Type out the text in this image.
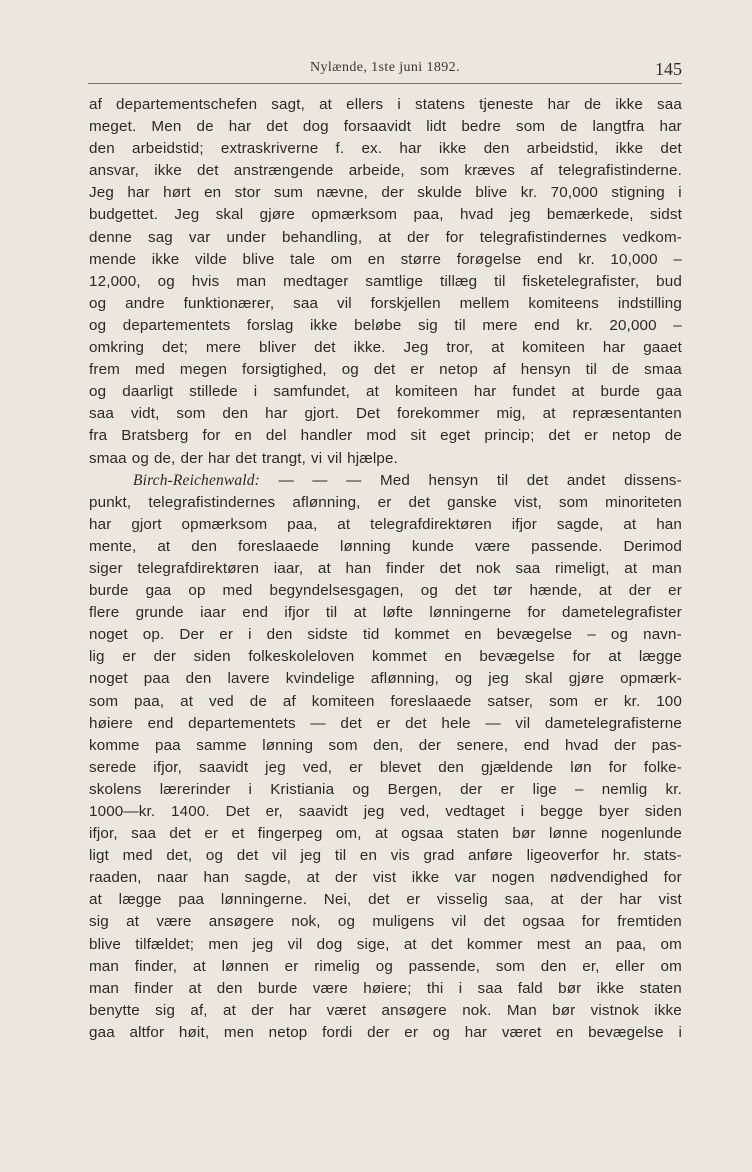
Nylænde, 1ste juni 1892.	145
af departementschefen sagt, at ellers i statens tjeneste har de ikke saa
meget. Men de har det dog forsaavidt lidt bedre som de langtfra har
den arbeidstid; extraskriverne f. ex. har ikke den arbeidstid, ikke det
ansvar, ikke det anstrængende arbeide, som kræves af telegrafistinderne.
Jeg har hørt en stor sum nævne, der skulde blive kr. 70,000 stigning i
budgettet. Jeg skal gjøre opmærksom paa, hvad jeg bemærkede, sidst
denne sag var under behandling, at der for telegrafistindernes vedkom-
mende ikke vilde blive tale om en større forøgelse end kr. 10,000 –
12,000, og hvis man medtager samtlige tillæg til fisketelegrafister, bud
og andre funktionærer, saa vil forskjellen mellem komiteens indstilling
og departementets forslag ikke beløbe sig til mere end kr. 20,000 –
omkring det; mere bliver det ikke. Jeg tror, at komiteen har gaaet
frem med megen forsigtighed, og det er netop af hensyn til de smaa
og daarligt stillede i samfundet, at komiteen har fundet at burde gaa
saa vidt, som den har gjort. Det forekommer mig, at repræsentanten
fra Bratsberg for en del handler mod sit eget princip; det er netop de
smaa og de, der har det trangt, vi vil hjælpe.
Birch-Reichenwald: — — — Med hensyn til det andet dissens-
punkt, telegrafistindernes aflønning, er det ganske vist, som minoriteten
har gjort opmærksom paa, at telegrafdirektøren ifjor sagde, at han
mente, at den foreslaaede lønning kunde være passende. Derimod
siger telegrafdirektøren iaar, at han finder det nok saa rimeligt, at man
burde gaa op med begyndelsesgagen, og det tør hænde, at der er
flere grunde iaar end ifjor til at løfte lønningerne for dametelegrafister
noget op. Der er i den sidste tid kommet en bevægelse – og navn-
lig er der siden folkeskoleloven kommet en bevægelse for at lægge
noget paa den lavere kvindelige aflønning, og jeg skal gjøre opmærk-
som paa, at ved de af komiteen foreslaaede satser, som er kr. 100
høiere end departementets — det er det hele — vil dametelegrafisterne
komme paa samme lønning som den, der senere, end hvad der pas-
serede ifjor, saavidt jeg ved, er blevet den gjældende løn for folke-
skolens lærerinder i Kristiania og Bergen, der er lige – nemlig kr.
1000—kr. 1400. Det er, saavidt jeg ved, vedtaget i begge byer siden
ifjor, saa det er et fingerpeg om, at ogsaa staten bør lønne nogenlunde
ligt med det, og det vil jeg til en vis grad anføre ligeoverfor hr. stats-
raaden, naar han sagde, at der vist ikke var nogen nødvendighed for
at lægge paa lønningerne. Nei, det er visselig saa, at der har vist
sig at være ansøgere nok, og muligens vil det ogsaa for fremtiden
blive tilfældet; men jeg vil dog sige, at det kommer mest an paa, om
man finder, at lønnen er rimelig og passende, som den er, eller om
man finder at den burde være høiere; thi i saa fald bør ikke staten
benytte sig af, at der har været ansøgere nok. Man bør vistnok ikke
gaa altfor høit, men netop fordi der er og har været en bevægelse i
